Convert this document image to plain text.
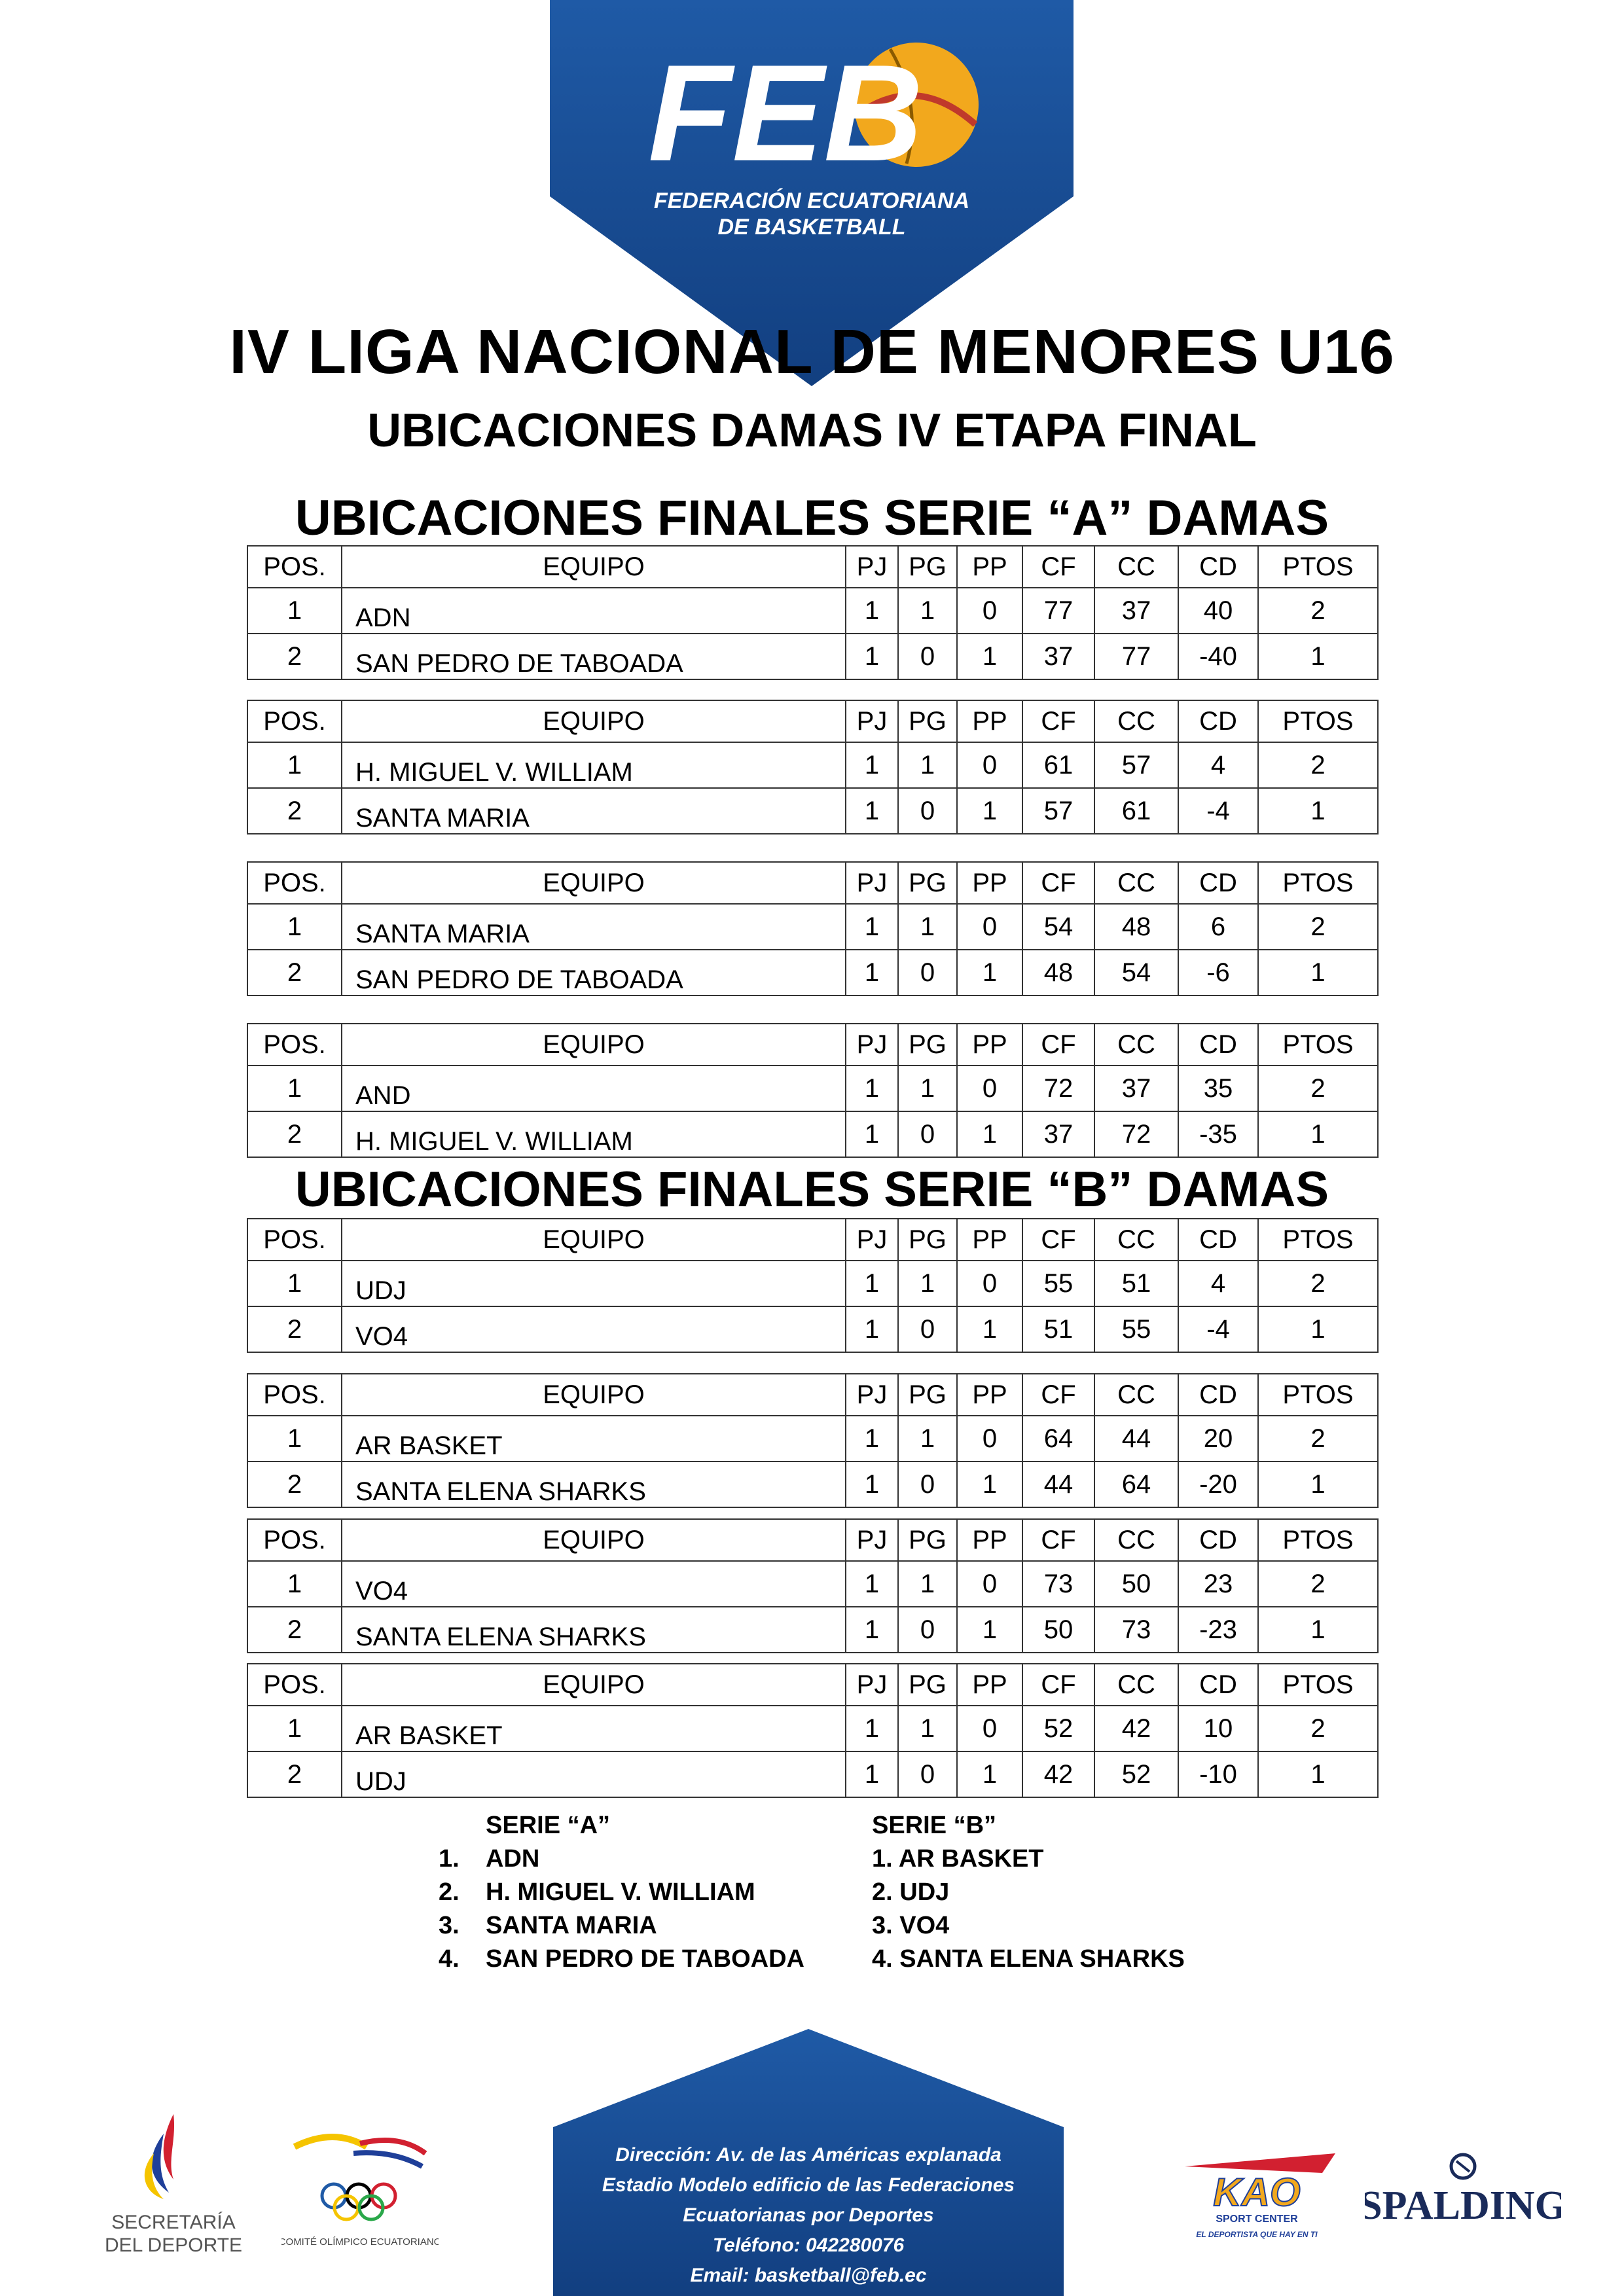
FEB
FEDERACIÓN ECUATORIANA
DE BASKETBALL
IV LIGA NACIONAL DE MENORES U16
UBICACIONES DAMAS IV ETAPA FINAL
UBICACIONES FINALES SERIE “A” DAMAS
POS.	EQUIPO	PJ	PG	PP	CF	CC	CD	PTOS
1	ADN	1	1	0	77	37	40	2
2	SAN PEDRO DE TABOADA	1	0	1	37	77	-40	1
POS.	EQUIPO	PJ	PG	PP	CF	CC	CD	PTOS
1	H. MIGUEL V. WILLIAM	1	1	0	61	57	4	2
2	SANTA MARIA	1	0	1	57	61	-4	1
POS.	EQUIPO	PJ	PG	PP	CF	CC	CD	PTOS
1	SANTA MARIA	1	1	0	54	48	6	2
2	SAN PEDRO DE TABOADA	1	0	1	48	54	-6	1
POS.	EQUIPO	PJ	PG	PP	CF	CC	CD	PTOS
1	AND	1	1	0	72	37	35	2
2	H. MIGUEL V. WILLIAM	1	0	1	37	72	-35	1
UBICACIONES FINALES SERIE “B” DAMAS
POS.	EQUIPO	PJ	PG	PP	CF	CC	CD	PTOS
1	UDJ	1	1	0	55	51	4	2
2	VO4	1	0	1	51	55	-4	1
POS.	EQUIPO	PJ	PG	PP	CF	CC	CD	PTOS
1	AR BASKET	1	1	0	64	44	20	2
2	SANTA ELENA SHARKS	1	0	1	44	64	-20	1
POS.	EQUIPO	PJ	PG	PP	CF	CC	CD	PTOS
1	VO4	1	1	0	73	50	23	2
2	SANTA ELENA SHARKS	1	0	1	50	73	-23	1
POS.	EQUIPO	PJ	PG	PP	CF	CC	CD	PTOS
1	AR BASKET	1	1	0	52	42	10	2
2	UDJ	1	0	1	42	52	-10	1
SERIE “A”
1. ADN
2. H. MIGUEL V. WILLIAM
3. SANTA MARIA
4. SAN PEDRO DE TABOADA
SERIE “B”
1. AR BASKET
2. UDJ
3. VO4
4. SANTA ELENA SHARKS
SECRETARÍA
DEL DEPORTE	COMITÉ OLÍMPICO ECUATORIANO
Dirección: Av. de las Américas explanada
Estadio Modelo edificio de las Federaciones
Ecuatorianas por Deportes
Teléfono: 042280076
Email: basketball@feb.ec
KAO
SPORT CENTER
EL DEPORTISTA QUE HAY EN TI
SPALDING
